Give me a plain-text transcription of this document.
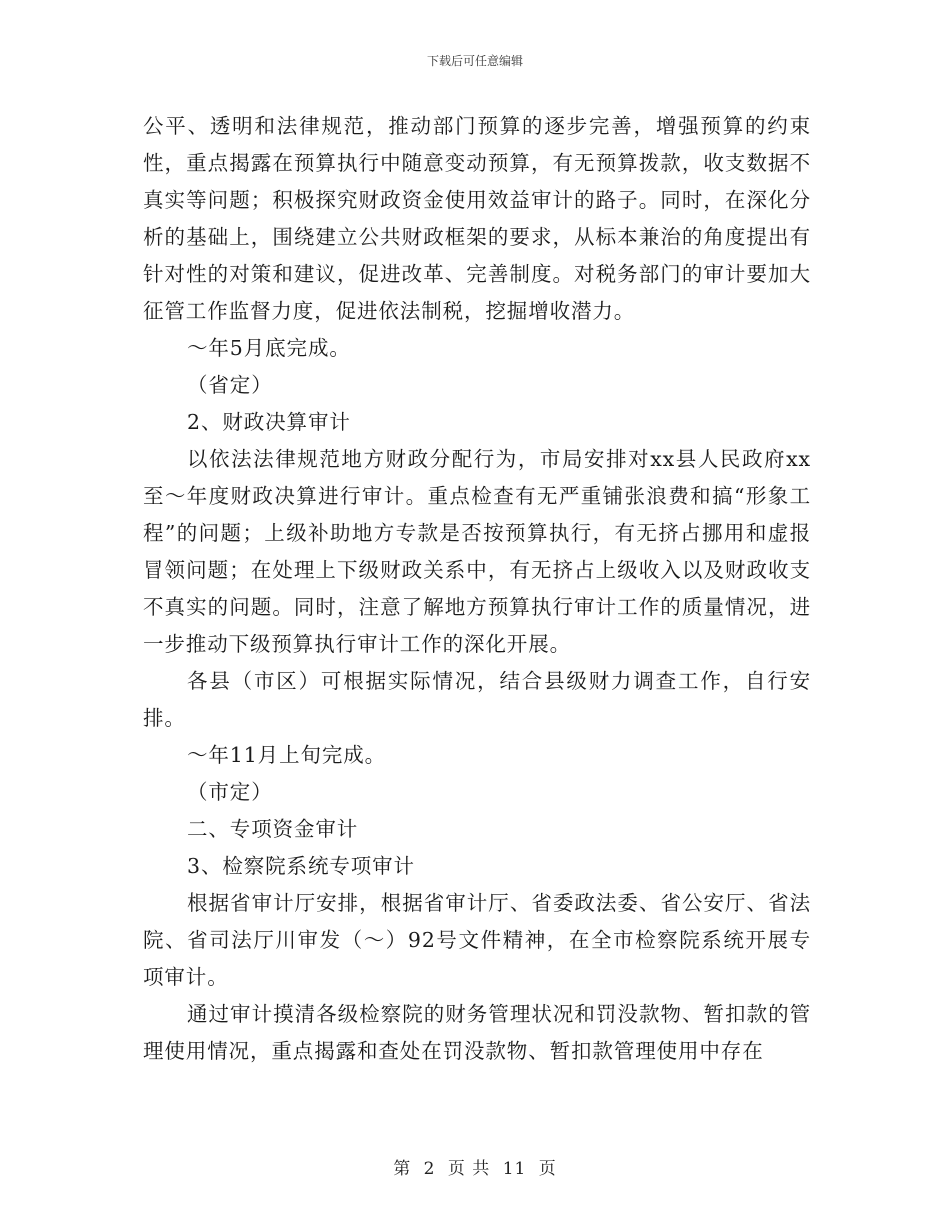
下载后可任意编辑

公平、透明和法律规范，推动部门预算的逐步完善，增强预算的约束性，重点揭露在预算执行中随意变动预算，有无预算拨款，收支数据不真实等问题；积极探究财政资金使用效益审计的路子。同时，在深化分析的基础上，围绕建立公共财政框架的要求，从标本兼治的角度提出有针对性的对策和建议，促进改革、完善制度。对税务部门的审计要加大征管工作监督力度，促进依法制税，挖掘增收潜力。

～年5月底完成。

（省定）

2、财政决算审计

以依法法律规范地方财政分配行为，市局安排对xx县人民政府xx至～年度财政决算进行审计。重点检查有无严重铺张浪费和搞“形象工程”的问题；上级补助地方专款是否按预算执行，有无挤占挪用和虚报冒领问题；在处理上下级财政关系中，有无挤占上级收入以及财政收支不真实的问题。同时，注意了解地方预算执行审计工作的质量情况，进一步推动下级预算执行审计工作的深化开展。

各县（市区）可根据实际情况，结合县级财力调查工作，自行安排。

～年11月上旬完成。

（市定）

二、专项资金审计

3、检察院系统专项审计

根据省审计厅安排，根据省审计厅、省委政法委、省公安厅、省法院、省司法厅川审发（～）92号文件精神，在全市检察院系统开展专项审计。

通过审计摸清各级检察院的财务管理状况和罚没款物、暂扣款的管理使用情况，重点揭露和查处在罚没款物、暂扣款管理使用中存在

第 2 页 共 11 页
